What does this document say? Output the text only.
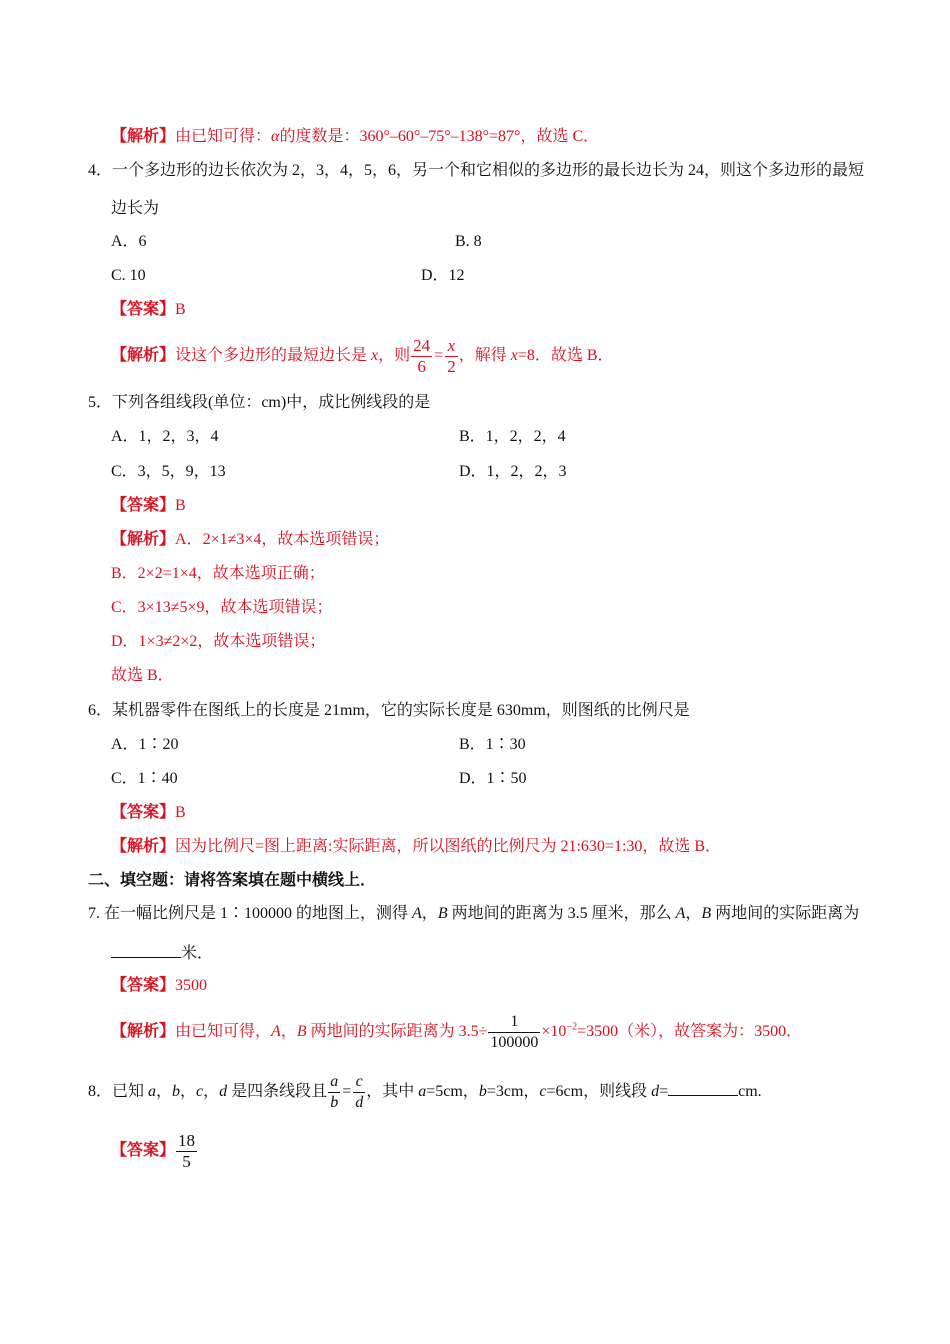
【解析】由已知可得：α的度数是：360°–60°–75°–138°=87°，故选 C．
4．一个多边形的边长依次为 2，3，4，5，6，另一个和它相似的多边形的最长边长为 24，则这个多边形的最短
边长为
A．6	B. 8
C. 10	D．12
【答案】B
【解析】设这个多边形的最短边长是 x，则 $\frac{24}{6} = \frac{x}{2}$ ，解得 x=8．故选 B．
5．下列各组线段(单位：cm)中，成比例线段的是
A．1，2，3，4	B．1，2，2，4
C．3，5，9，13	D．1，2，2，3
【答案】B
【解析】A．2×1≠3×4，故本选项错误；
B．2×2=1×4，故本选项正确；
C．3×13≠5×9，故本选项错误；
D．1×3≠2×2，故本选项错误；
故选 B．
6．某机器零件在图纸上的长度是 21mm，它的实际长度是 630mm，则图纸的比例尺是
A．1∶20	B．1∶30
C．1∶40	D．1∶50
【答案】B
【解析】因为比例尺=图上距离:实际距离，所以图纸的比例尺为 21:630=1:30，故选 B．
二、填空题：请将答案填在题中横线上．
7. 在一幅比例尺是 1∶100000 的地图上，测得 A，B 两地间的距离为 3.5 厘米，那么 A，B 两地间的实际距离为
米．
【答案】3500
【解析】由已知可得，A，B 两地间的实际距离为 $3.5\div \frac{1}{100000} \times 10^{-2}=3500$（米），故答案为：3500．
8．已知 a，b，c，d 是四条线段且 $\frac{a}{b} = \frac{c}{d}$ ，其中 a=5cm，b=3cm，c=6cm，则线段 d=	cm.
【答案】 $\frac{18}{5}$
